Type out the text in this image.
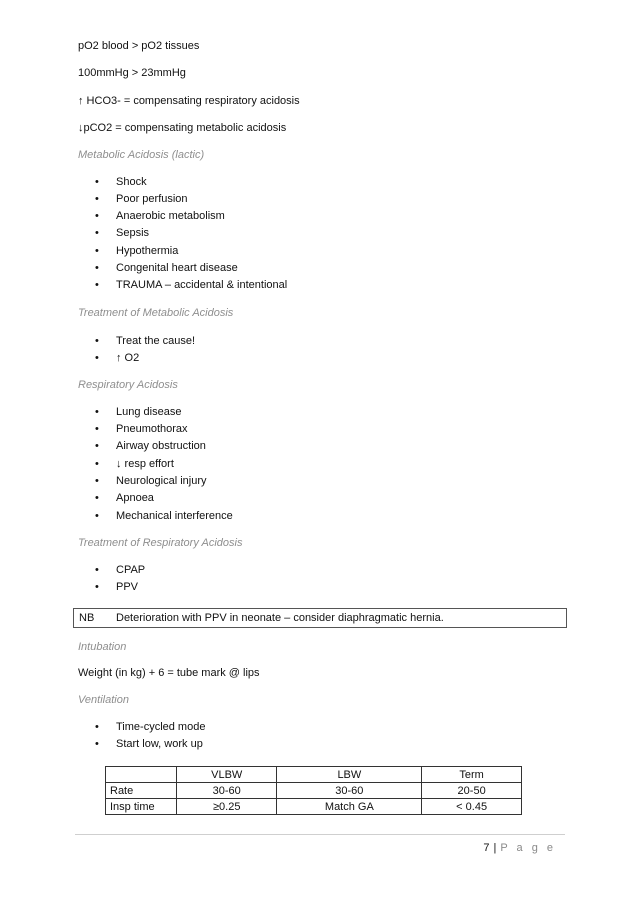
pO2 blood > pO2 tissues
100mmHg > 23mmHg
↑ HCO3- = compensating respiratory acidosis
↓pCO2 = compensating metabolic acidosis
Metabolic Acidosis (lactic)
• Shock
• Poor perfusion
• Anaerobic metabolism
• Sepsis
• Hypothermia
• Congenital heart disease
• TRAUMA – accidental & intentional
Treatment of Metabolic Acidosis
• Treat the cause!
• ↑ O2
Respiratory Acidosis
• Lung disease
• Pneumothorax
• Airway obstruction
• ↓ resp effort
• Neurological injury
• Apnoea
• Mechanical interference
Treatment of Respiratory Acidosis
• CPAP
• PPV
NB Deterioration with PPV in neonate – consider diaphragmatic hernia.
Intubation
Weight (in kg) + 6 = tube mark @ lips
Ventilation
• Time-cycled mode
• Start low, work up
	VLBW	LBW	Term
Rate	30-60	30-60	20-50
Insp time	≥0.25	Match GA	< 0.45
7 | P a g e
